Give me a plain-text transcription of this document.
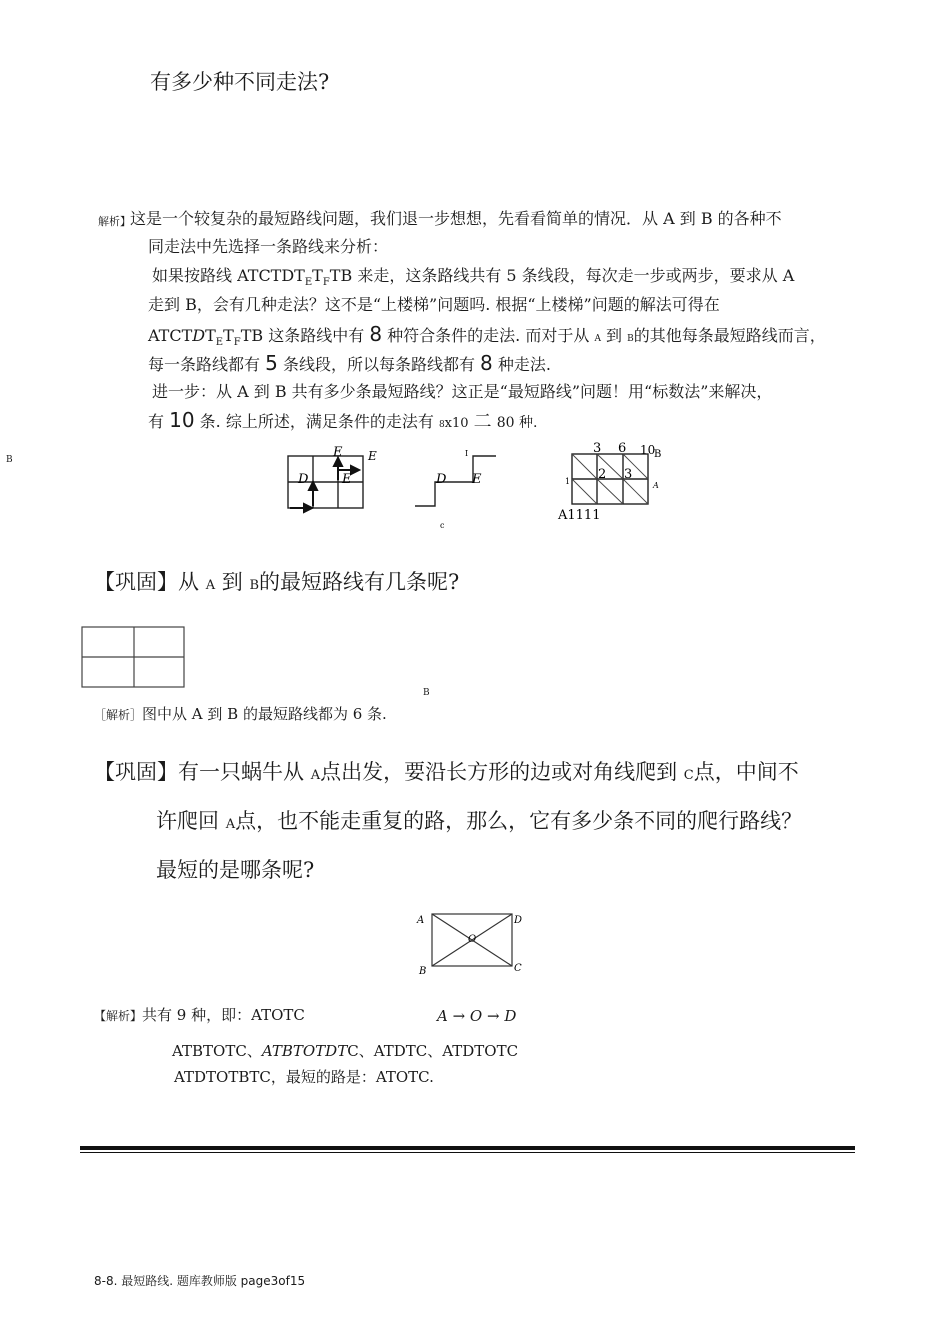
有多少种不同走法?
解析】 这是一个较复杂的最短路线问题，我们退一步想想，先看看简单的情况．从 A 到 B 的各种不
同走法中先选择一条路线来分析：
如果按路线 $ATCTDT_ET_FTB$ 来走，这条路线共有 5 条线段，每次走一步或两步，要求从 A
走到 B，会有几种走法？这不是“上楼梯”问题吗. 根据“上楼梯”问题的解法可得在
$ATCTDT_ET_FTB$ 这条路线中有 8 种符合条件的走法. 而对于从 A 到 B的其他每条最短路线而言，
每一条路线都有 5 条线段，所以每条路线都有 8 种走法.
进一步：从 A 到 B 共有多少条最短路线？这正是“最短路线”问题！用“标数法”来解决，
有 10 条. 综上所述，满足条件的走法有 8x10 二 80 种.
B
D	E
E E
D E
c
I	3 6 10
B
2 3
1	A
A1111
【巩固】从 A 到 B的最短路线有几条呢?
B
［解析］图中从 A 到 B 的最短路线都为 6 条.
【巩固】有一只蜗牛从 A点出发，要沿长方形的边或对角线爬到 C点，中间不
许爬回 A点，也不能走重复的路，那么，它有多少条不同的爬行路线？
最短的是哪条呢?
A	D
B	C
O
【解析】共有 9 种，即：ATOTC	A → O → D
ATBTOTC、ATBTOTDTC、ATDTC、ATDTOTC
ATDTOTBTC，最短的路是：ATOTC.
8-8. 最短路线. 题库教师版 page3of15
